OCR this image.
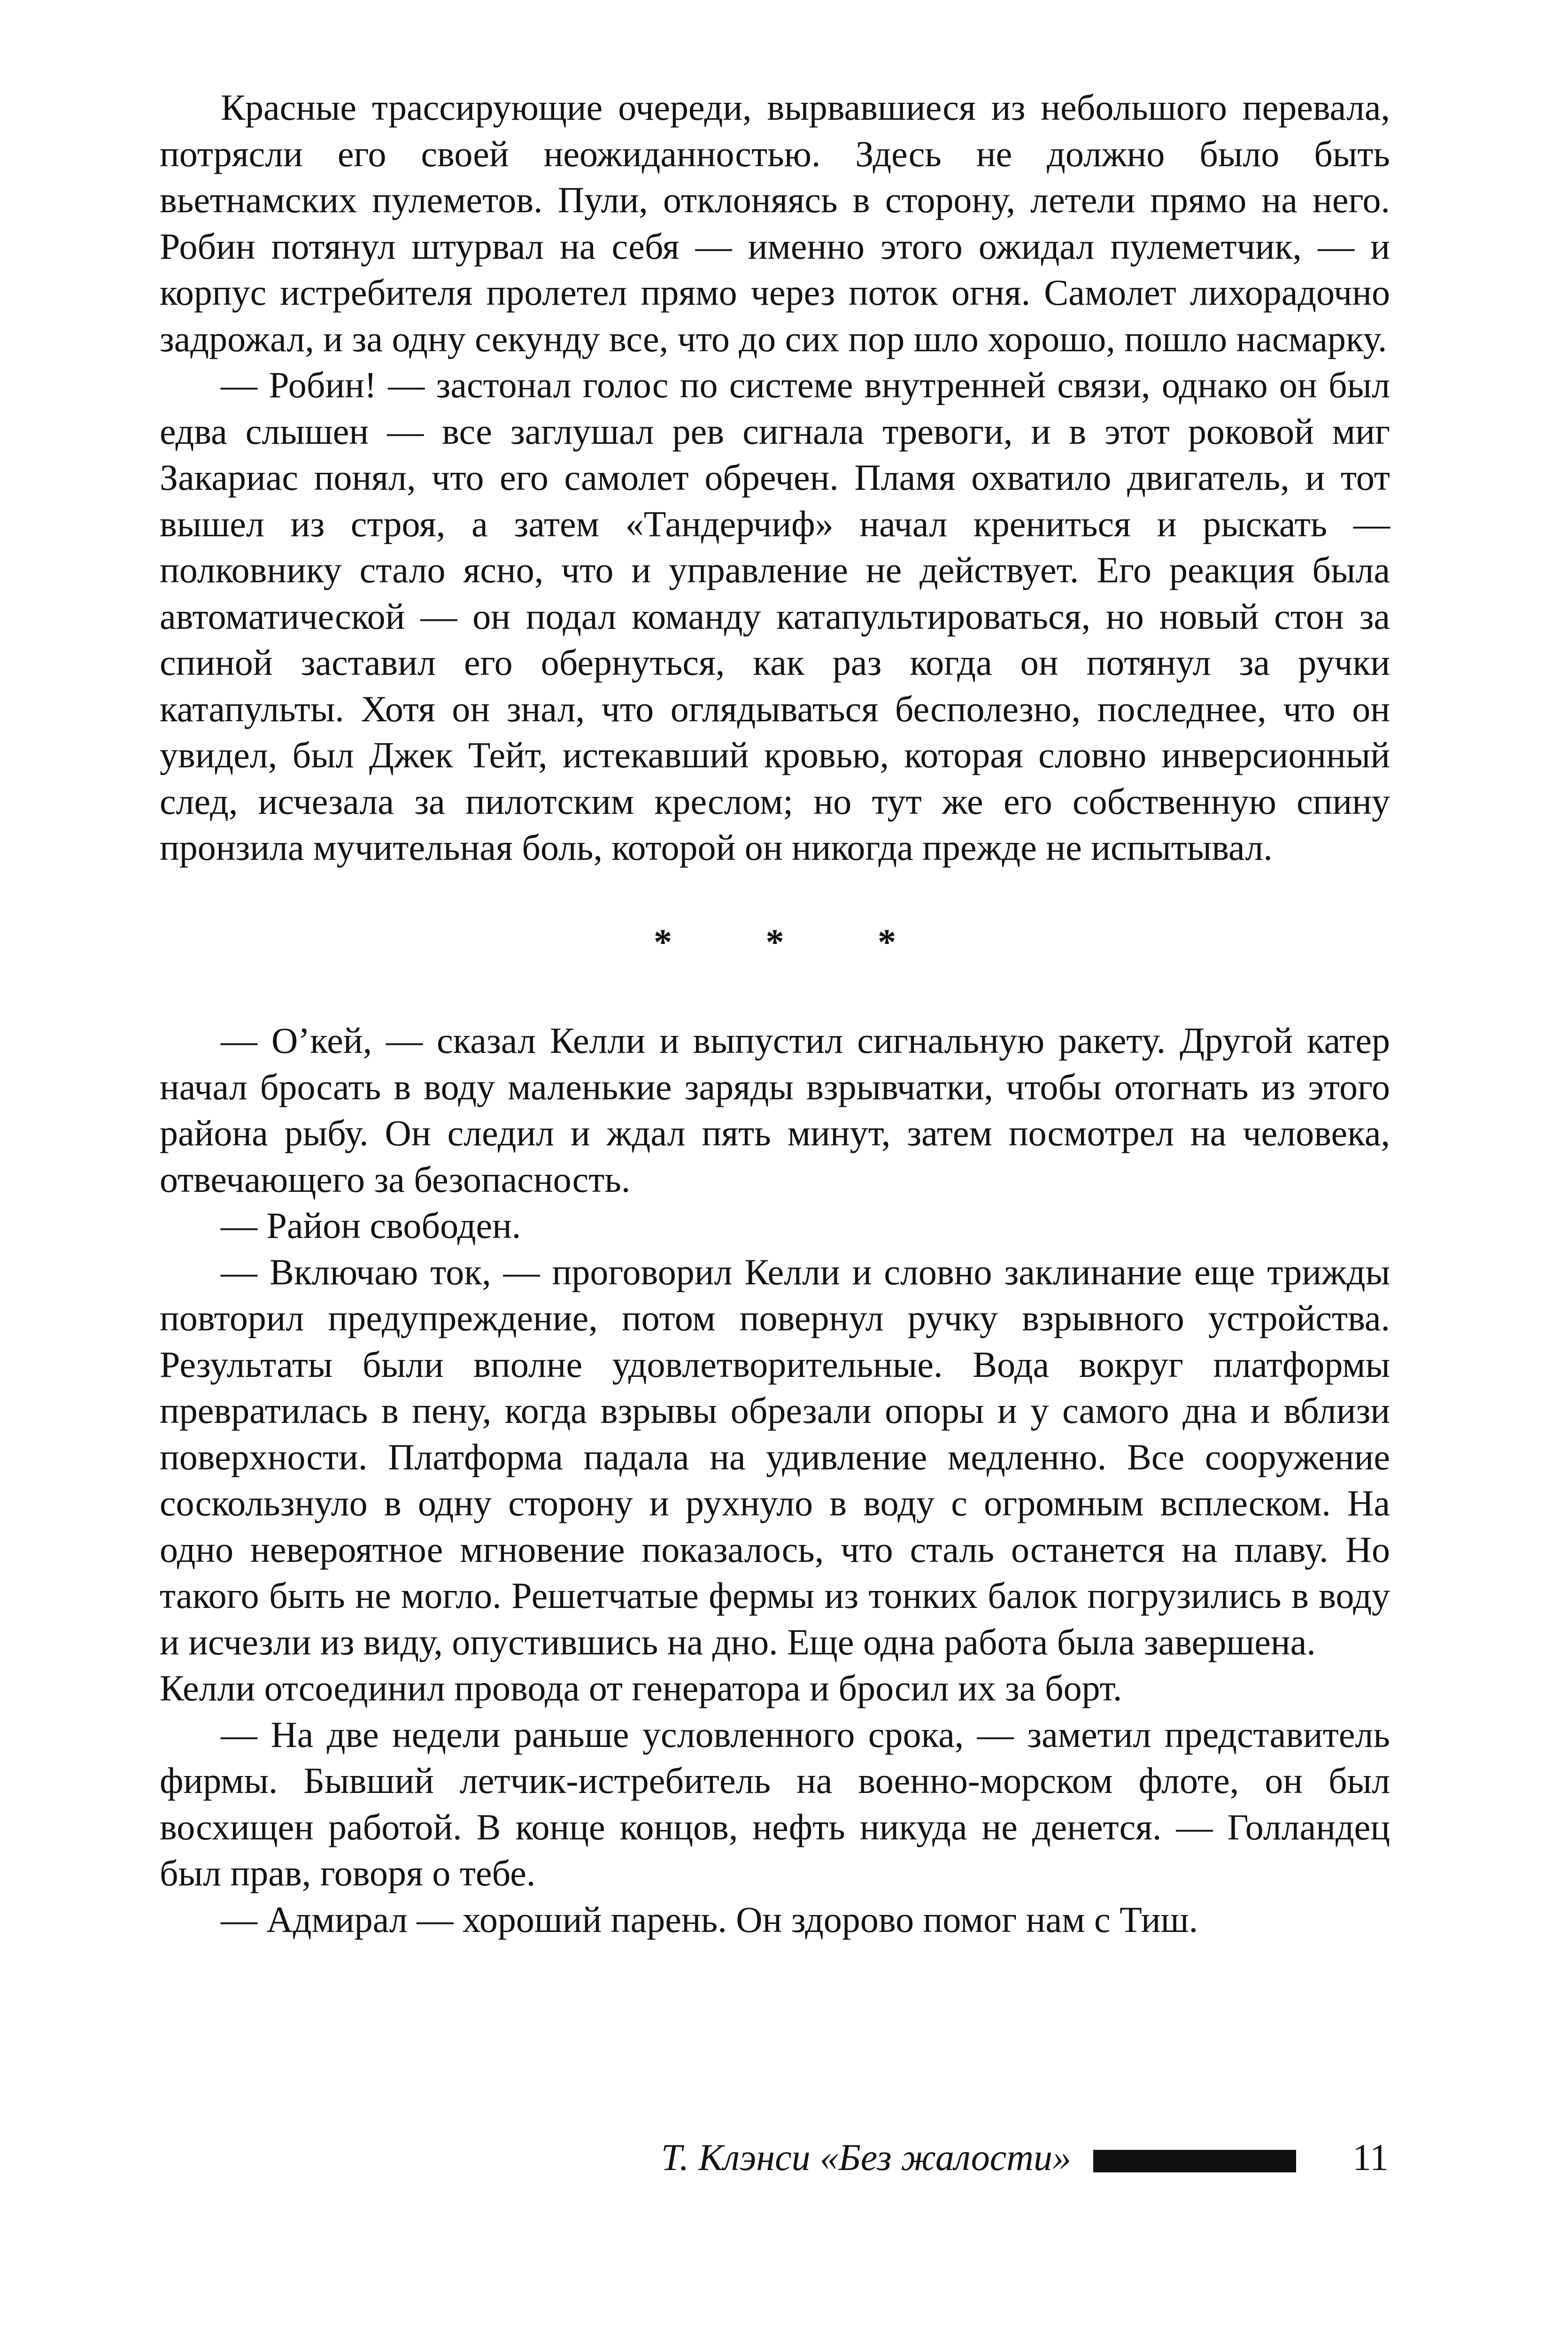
Красные трассирующие очереди, вырвавшиеся из небольшого перевала, потрясли его своей неожиданностью. Здесь не должно было быть вьетнамских пулеметов. Пули, отклоняясь в сторону, летели прямо на него. Робин потянул штурвал на себя — именно этого ожидал пулеметчик, — и корпус истребителя пролетел прямо через поток огня. Самолет лихорадочно задрожал, и за одну секунду все, что до сих пор шло хорошо, пошло насмарку.

— Робин! — застонал голос по системе внутренней связи, однако он был едва слышен — все заглушал рев сигнала тревоги, и в этот роковой миг Закариас понял, что его самолет обречен. Пламя охватило двигатель, и тот вышел из строя, а затем «Тандерчиф» начал крениться и рыскать — полковнику стало ясно, что и управление не действует. Его реакция была автоматической — он подал команду катапультироваться, но новый стон за спиной заставил его обернуться, как раз когда он потянул за ручки катапульты. Хотя он знал, что оглядываться бесполезно, последнее, что он увидел, был Джек Тейт, истекавший кровью, которая словно инверсионный след, исчезала за пилотским креслом; но тут же его собственную спину пронзила мучительная боль, которой он никогда прежде не испытывал.

* * *

— О’кей, — сказал Келли и выпустил сигнальную ракету. Другой катер начал бросать в воду маленькие заряды взрывчатки, чтобы отогнать из этого района рыбу. Он следил и ждал пять минут, затем посмотрел на человека, отвечающего за безопасность.

— Район свободен.

— Включаю ток, — проговорил Келли и словно заклинание еще трижды повторил предупреждение, потом повернул ручку взрывного устройства. Результаты были вполне удовлетворительные. Вода вокруг платформы превратилась в пену, когда взрывы обрезали опоры и у самого дна и вблизи поверхности. Платформа падала на удивление медленно. Все сооружение соскользнуло в одну сторону и рухнуло в воду с огромным всплеском. На одно невероятное мгновение показалось, что сталь останется на плаву. Но такого быть не могло. Решетчатые фермы из тонких балок погрузились в воду и исчезли из виду, опустившись на дно. Еще одна работа была завершена.

Келли отсоединил провода от генератора и бросил их за борт.

— На две недели раньше условленного срока, — заметил представитель фирмы. Бывший летчик-истребитель на военно-морском флоте, он был восхищен работой. В конце концов, нефть никуда не денется. — Голландец был прав, говоря о тебе.

— Адмирал — хороший парень. Он здорово помог нам с Тиш.

Т. Клэнси «Без жалости»	11
